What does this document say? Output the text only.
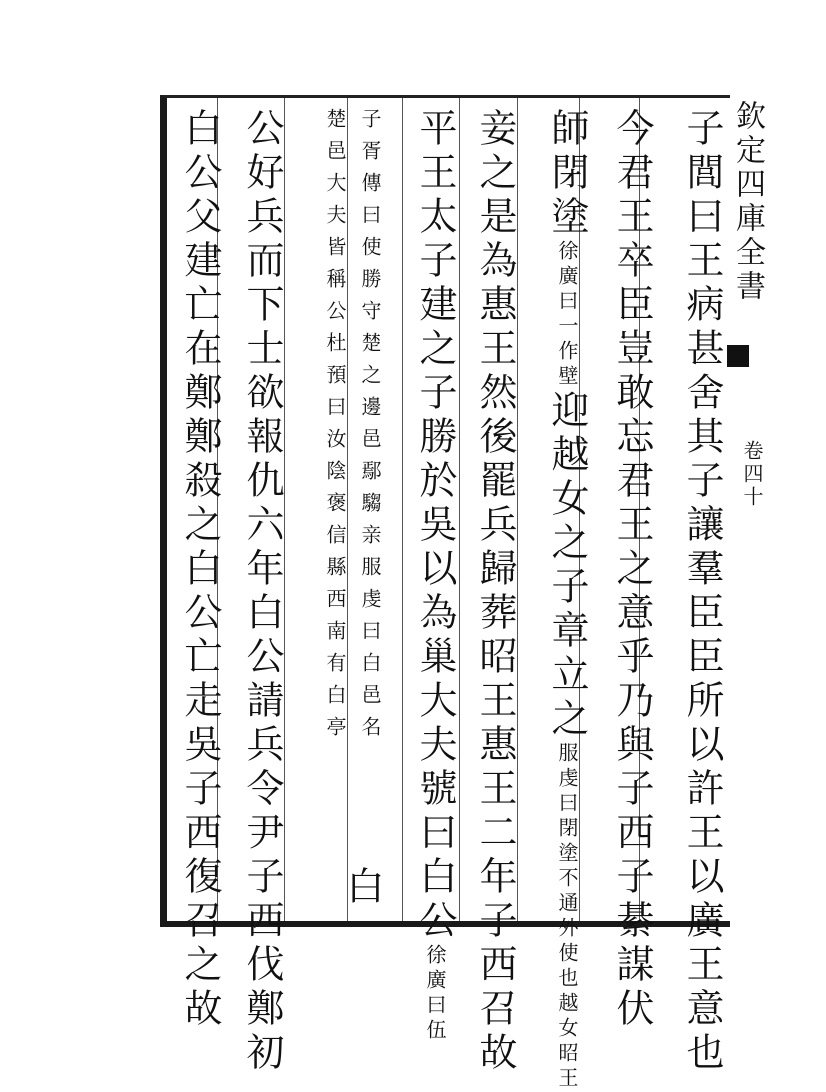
子閭曰王病甚舍其子讓羣臣臣所以許王以廣王意也
今君王卒臣豈敢忘君王之意乎乃與子西子綦謀伏
師閉塗徐廣曰一作壁迎越女之子章立之服虔曰閉塗不通外使也越女昭王
妾之是為惠王然後罷兵歸葬昭王惠王二年子西召故
平王太子建之子勝於吳以為巢大夫號曰白公徐廣曰伍
子胥傳曰使勝守楚之邊邑鄢騶亲服虔曰白邑名
白
楚邑大夫皆稱公杜預曰汝陰褒信縣西南有白亭
公好兵而下士欲報仇六年白公請兵令尹子西伐鄭初
白公父建亡在鄭鄭殺之白公亡走吳子西復召之故	欽定四庫全書
卷四十
